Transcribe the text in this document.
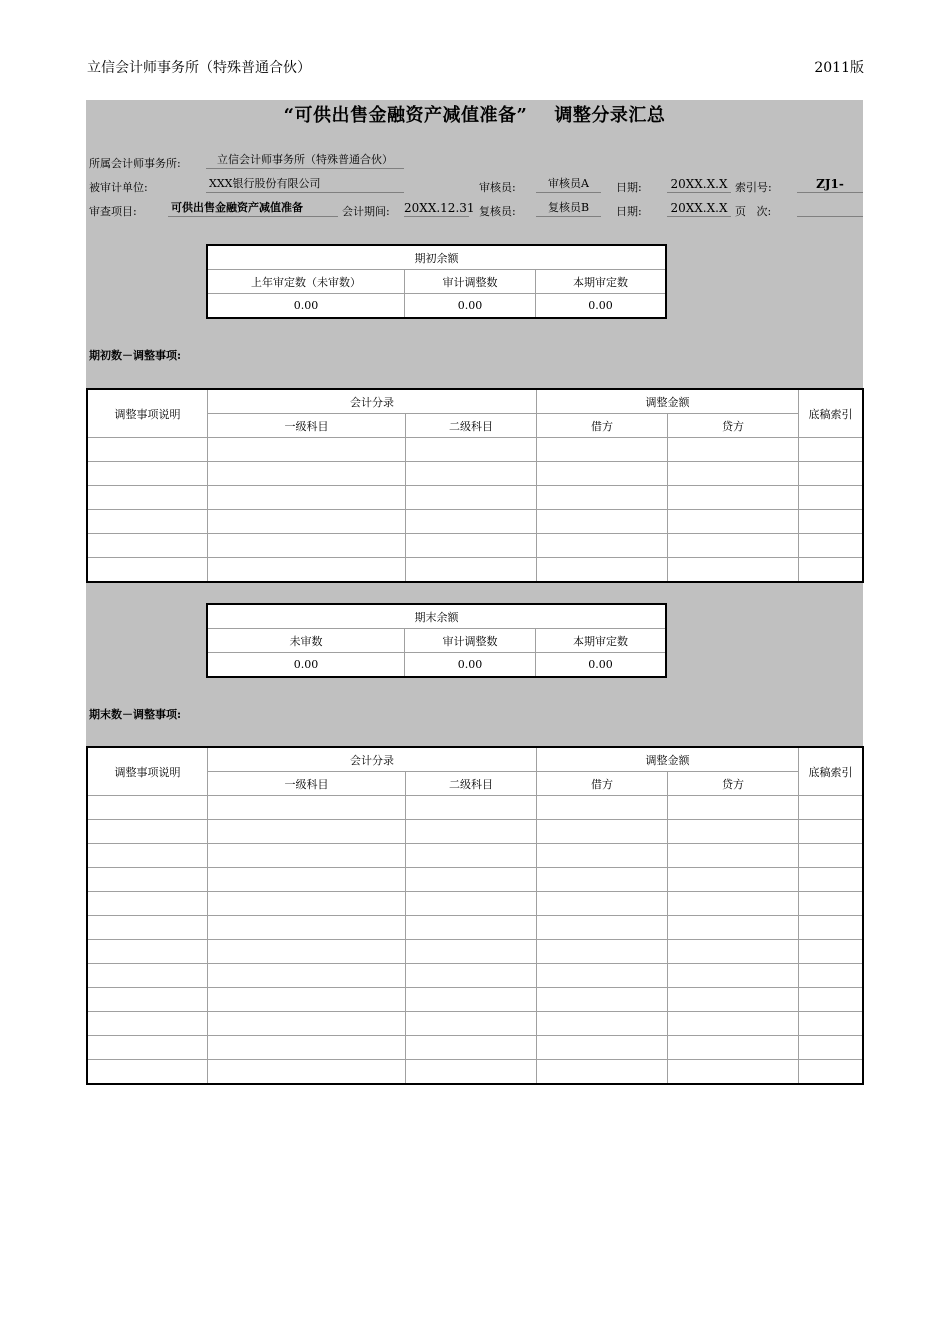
立信会计师事务所（特殊普通合伙）	2011版
“可供出售金融资产减值准备”    调整分录汇总
所属会计师事务所:	立信会计师事务所（特殊普通合伙）
被审计单位:	XXX银行股份有限公司	审核员:	审核员A	日期: 20XX.X.X 索引号:	ZJ1-
审查项目:	可供出售金融资产减值准备	会计期间: 20XX.12.31 复核员:	复核员B	日期: 20XX.X.X 页   次:
期初余额		
上年审定数（未审数）	审计调整数	本期审定数
0.00	0.00	0.00
期初数－调整事项:
调整事项说明	会计分录		调整金额		底稿索引
	一级科目	二级科目	借方	贷方	

期末余额		
未审数	审计调整数	本期审定数
0.00	0.00	0.00
期末数－调整事项:
调整事项说明	会计分录		调整金额		底稿索引
	一级科目	二级科目	借方	贷方	
